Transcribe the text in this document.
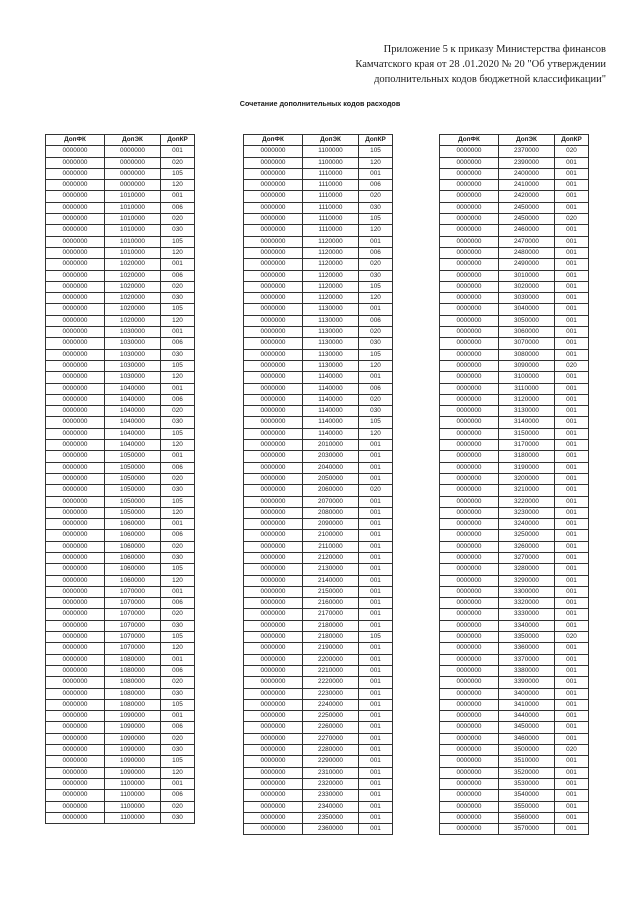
Приложение 5 к приказу Министерства финансов
Камчатского края от 28 .01.2020 № 20 "Об утверждении
дополнительных кодов бюджетной классификации"
Сочетание дополнительных кодов расходов
ДопФК	ДопЭК	ДопКР
0000000	0000000	001
0000000	0000000	020
0000000	0000000	105
0000000	0000000	120
0000000	1010000	001
0000000	1010000	006
0000000	1010000	020
0000000	1010000	030
0000000	1010000	105
0000000	1010000	120
0000000	1020000	001
0000000	1020000	006
0000000	1020000	020
0000000	1020000	030
0000000	1020000	105
0000000	1020000	120
0000000	1030000	001
0000000	1030000	006
0000000	1030000	030
0000000	1030000	105
0000000	1030000	120
0000000	1040000	001
0000000	1040000	006
0000000	1040000	020
0000000	1040000	030
0000000	1040000	105
0000000	1040000	120
0000000	1050000	001
0000000	1050000	006
0000000	1050000	020
0000000	1050000	030
0000000	1050000	105
0000000	1050000	120
0000000	1060000	001
0000000	1060000	006
0000000	1060000	020
0000000	1060000	030
0000000	1060000	105
0000000	1060000	120
0000000	1070000	001
0000000	1070000	006
0000000	1070000	020
0000000	1070000	030
0000000	1070000	105
0000000	1070000	120
0000000	1080000	001
0000000	1080000	006
0000000	1080000	020
0000000	1080000	030
0000000	1080000	105
0000000	1090000	001
0000000	1090000	006
0000000	1090000	020
0000000	1090000	030
0000000	1090000	105
0000000	1090000	120
0000000	1100000	001
0000000	1100000	006
0000000	1100000	020
0000000	1100000	030
ДопФК	ДопЭК	ДопКР
0000000	1100000	105
0000000	1100000	120
0000000	1110000	001
0000000	1110000	006
0000000	1110000	020
0000000	1110000	030
0000000	1110000	105
0000000	1110000	120
0000000	1120000	001
0000000	1120000	006
0000000	1120000	020
0000000	1120000	030
0000000	1120000	105
0000000	1120000	120
0000000	1130000	001
0000000	1130000	006
0000000	1130000	020
0000000	1130000	030
0000000	1130000	105
0000000	1130000	120
0000000	1140000	001
0000000	1140000	006
0000000	1140000	020
0000000	1140000	030
0000000	1140000	105
0000000	1140000	120
0000000	2010000	001
0000000	2030000	001
0000000	2040000	001
0000000	2050000	001
0000000	2060000	020
0000000	2070000	001
0000000	2080000	001
0000000	2090000	001
0000000	2100000	001
0000000	2110000	001
0000000	2120000	001
0000000	2130000	001
0000000	2140000	001
0000000	2150000	001
0000000	2160000	001
0000000	2170000	001
0000000	2180000	001
0000000	2180000	105
0000000	2190000	001
0000000	2200000	001
0000000	2210000	001
0000000	2220000	001
0000000	2230000	001
0000000	2240000	001
0000000	2250000	001
0000000	2260000	001
0000000	2270000	001
0000000	2280000	001
0000000	2290000	001
0000000	2310000	001
0000000	2320000	001
0000000	2330000	001
0000000	2340000	001
0000000	2350000	001
0000000	2360000	001
ДопФК	ДопЭК	ДопКР
0000000	2370000	020
0000000	2390000	001
0000000	2400000	001
0000000	2410000	001
0000000	2420000	001
0000000	2450000	001
0000000	2450000	020
0000000	2460000	001
0000000	2470000	001
0000000	2480000	001
0000000	2490000	001
0000000	3010000	001
0000000	3020000	001
0000000	3030000	001
0000000	3040000	001
0000000	3050000	001
0000000	3060000	001
0000000	3070000	001
0000000	3080000	001
0000000	3090000	020
0000000	3100000	001
0000000	3110000	001
0000000	3120000	001
0000000	3130000	001
0000000	3140000	001
0000000	3150000	001
0000000	3170000	001
0000000	3180000	001
0000000	3190000	001
0000000	3200000	001
0000000	3210000	001
0000000	3220000	001
0000000	3230000	001
0000000	3240000	001
0000000	3250000	001
0000000	3260000	001
0000000	3270000	001
0000000	3280000	001
0000000	3290000	001
0000000	3300000	001
0000000	3320000	001
0000000	3330000	001
0000000	3340000	001
0000000	3350000	020
0000000	3360000	001
0000000	3370000	001
0000000	3380000	001
0000000	3390000	001
0000000	3400000	001
0000000	3410000	001
0000000	3440000	001
0000000	3450000	001
0000000	3460000	001
0000000	3500000	020
0000000	3510000	001
0000000	3520000	001
0000000	3530000	001
0000000	3540000	001
0000000	3550000	001
0000000	3560000	001
0000000	3570000	001
